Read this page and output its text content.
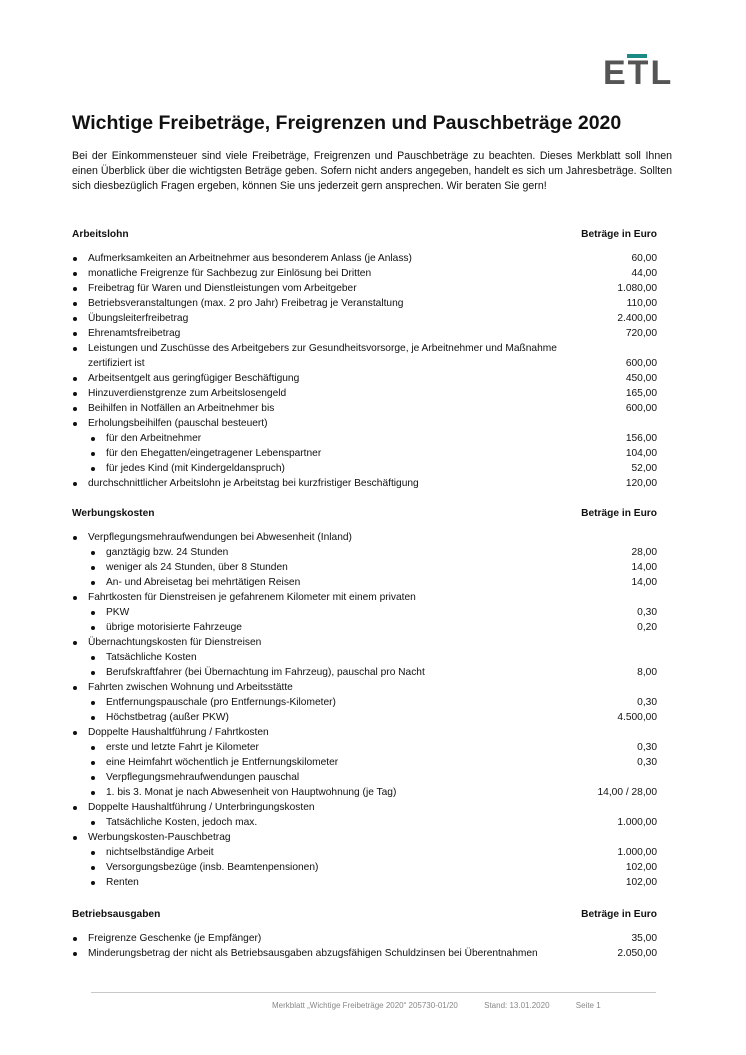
ETL
Wichtige Freibeträge, Freigrenzen und Pauschbeträge 2020

Bei der Einkommensteuer sind viele Freibeträge, Freigrenzen und Pauschbeträge zu beachten. Dieses Merkblatt soll Ihnen einen Überblick über die wichtigsten Beträge geben. Sofern nicht anders angegeben, handelt es sich um Jahresbeträge. Sollten sich diesbezüglich Fragen ergeben, können Sie uns jederzeit gern ansprechen. Wir beraten Sie gern!

Arbeitslohn	Beträge in Euro
Aufmerksamkeiten an Arbeitnehmer aus besonderem Anlass (je Anlass)	60,00
monatliche Freigrenze für Sachbezug zur Einlösung bei Dritten	44,00
Freibetrag für Waren und Dienstleistungen vom Arbeitgeber	1.080,00
Betriebsveranstaltungen (max. 2 pro Jahr) Freibetrag je Veranstaltung	110,00
Übungsleiterfreibetrag	2.400,00
Ehrenamtsfreibetrag	720,00
Leistungen und Zuschüsse des Arbeitgebers zur Gesundheitsvorsorge, je Arbeitnehmer und Maßnahme zertifiziert ist	600,00
Arbeitsentgelt aus geringfügiger Beschäftigung	450,00
Hinzuverdienstgrenze zum Arbeitslosengeld	165,00
Beihilfen in Notfällen an Arbeitnehmer bis	600,00
Erholungsbeihilfen (pauschal besteuert)
für den Arbeitnehmer	156,00
für den Ehegatten/eingetragener Lebenspartner	104,00
für jedes Kind (mit Kindergeldanspruch)	52,00
durchschnittlicher Arbeitslohn je Arbeitstag bei kurzfristiger Beschäftigung	120,00
Werbungskosten	Beträge in Euro
Verpflegungsmehraufwendungen bei Abwesenheit (Inland)
ganztägig bzw. 24 Stunden	28,00
weniger als 24 Stunden, über 8 Stunden	14,00
An- und Abreisetag bei mehrtätigen Reisen	14,00
Fahrtkosten für Dienstreisen je gefahrenem Kilometer mit einem privaten
PKW	0,30
übrige motorisierte Fahrzeuge	0,20
Übernachtungskosten für Dienstreisen
Tatsächliche Kosten
Berufskraftfahrer (bei Übernachtung im Fahrzeug), pauschal pro Nacht	8,00
Fahrten zwischen Wohnung und Arbeitsstätte
Entfernungspauschale (pro Entfernungs-Kilometer)	0,30
Höchstbetrag (außer PKW)	4.500,00
Doppelte Haushaltführung / Fahrtkosten
erste und letzte Fahrt je Kilometer	0,30
eine Heimfahrt wöchentlich je Entfernungskilometer	0,30
Verpflegungsmehraufwendungen pauschal
1. bis 3. Monat je nach Abwesenheit von Hauptwohnung (je Tag)	14,00 / 28,00
Doppelte Haushaltführung / Unterbringungskosten
Tatsächliche Kosten, jedoch max.	1.000,00
Werbungskosten-Pauschbetrag
nichtselbständige Arbeit	1.000,00
Versorgungsbezüge (insb. Beamtenpensionen)	102,00
Renten	102,00
Betriebsausgaben	Beträge in Euro
Freigrenze Geschenke (je Empfänger)	35,00
Minderungsbetrag der nicht als Betriebsausgaben abzugsfähigen Schuldzinsen bei Überentnahmen	2.050,00
Merkblatt „Wichtige Freibeträge 2020“ 205730-01/20	Stand: 13.01.2020	Seite 1
